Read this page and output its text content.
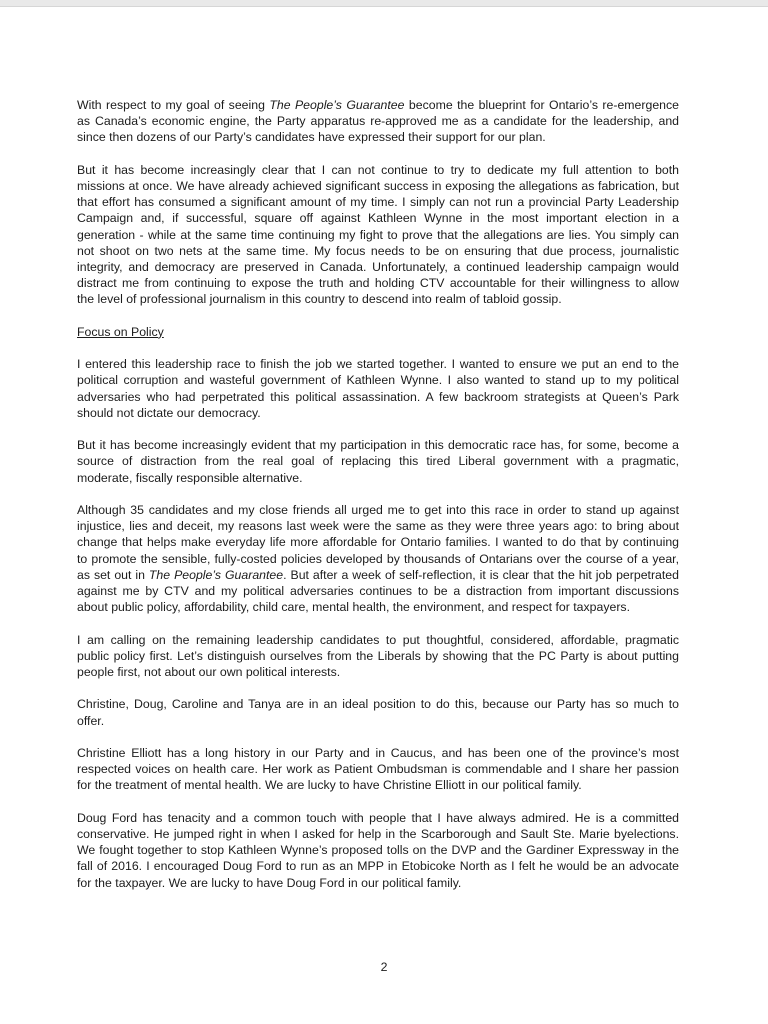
With respect to my goal of seeing The People’s Guarantee become the blueprint for Ontario’s re-emergence
as Canada’s economic engine, the Party apparatus re-approved me as a candidate for the leadership, and
since then dozens of our Party’s candidates have expressed their support for our plan.
But it has become increasingly clear that I can not continue to try to dedicate my full attention to both
missions at once. We have already achieved significant success in exposing the allegations as fabrication, but
that effort has consumed a significant amount of my time. I simply can not run a provincial Party Leadership
Campaign and, if successful, square off against Kathleen Wynne in the most important election in a
generation - while at the same time continuing my fight to prove that the allegations are lies. You simply can
not shoot on two nets at the same time. My focus needs to be on ensuring that due process, journalistic
integrity, and democracy are preserved in Canada. Unfortunately, a continued leadership campaign would
distract me from continuing to expose the truth and holding CTV accountable for their willingness to allow
the level of professional journalism in this country to descend into realm of tabloid gossip.
Focus on Policy
I entered this leadership race to finish the job we started together. I wanted to ensure we put an end to the
political corruption and wasteful government of Kathleen Wynne. I also wanted to stand up to my political
adversaries who had perpetrated this political assassination. A few backroom strategists at Queen’s Park
should not dictate our democracy.
But it has become increasingly evident that my participation in this democratic race has, for some, become a
source of distraction from the real goal of replacing this tired Liberal government with a pragmatic,
moderate, fiscally responsible alternative.
Although 35 candidates and my close friends all urged me to get into this race in order to stand up against
injustice, lies and deceit, my reasons last week were the same as they were three years ago: to bring about
change that helps make everyday life more affordable for Ontario families. I wanted to do that by continuing
to promote the sensible, fully-costed policies developed by thousands of Ontarians over the course of a year,
as set out in The People’s Guarantee. But after a week of self-reflection, it is clear that the hit job perpetrated
against me by CTV and my political adversaries continues to be a distraction from important discussions
about public policy, affordability, child care, mental health, the environment, and respect for taxpayers.
I am calling on the remaining leadership candidates to put thoughtful, considered, affordable, pragmatic
public policy first. Let’s distinguish ourselves from the Liberals by showing that the PC Party is about putting
people first, not about our own political interests.
Christine, Doug, Caroline and Tanya are in an ideal position to do this, because our Party has so much to
offer.
Christine Elliott has a long history in our Party and in Caucus, and has been one of the province’s most
respected voices on health care. Her work as Patient Ombudsman is commendable and I share her passion
for the treatment of mental health. We are lucky to have Christine Elliott in our political family.
Doug Ford has tenacity and a common touch with people that I have always admired. He is a committed
conservative. He jumped right in when I asked for help in the Scarborough and Sault Ste. Marie byelections.
We fought together to stop Kathleen Wynne’s proposed tolls on the DVP and the Gardiner Expressway in the
fall of 2016. I encouraged Doug Ford to run as an MPP in Etobicoke North as I felt he would be an advocate
for the taxpayer. We are lucky to have Doug Ford in our political family.
2
